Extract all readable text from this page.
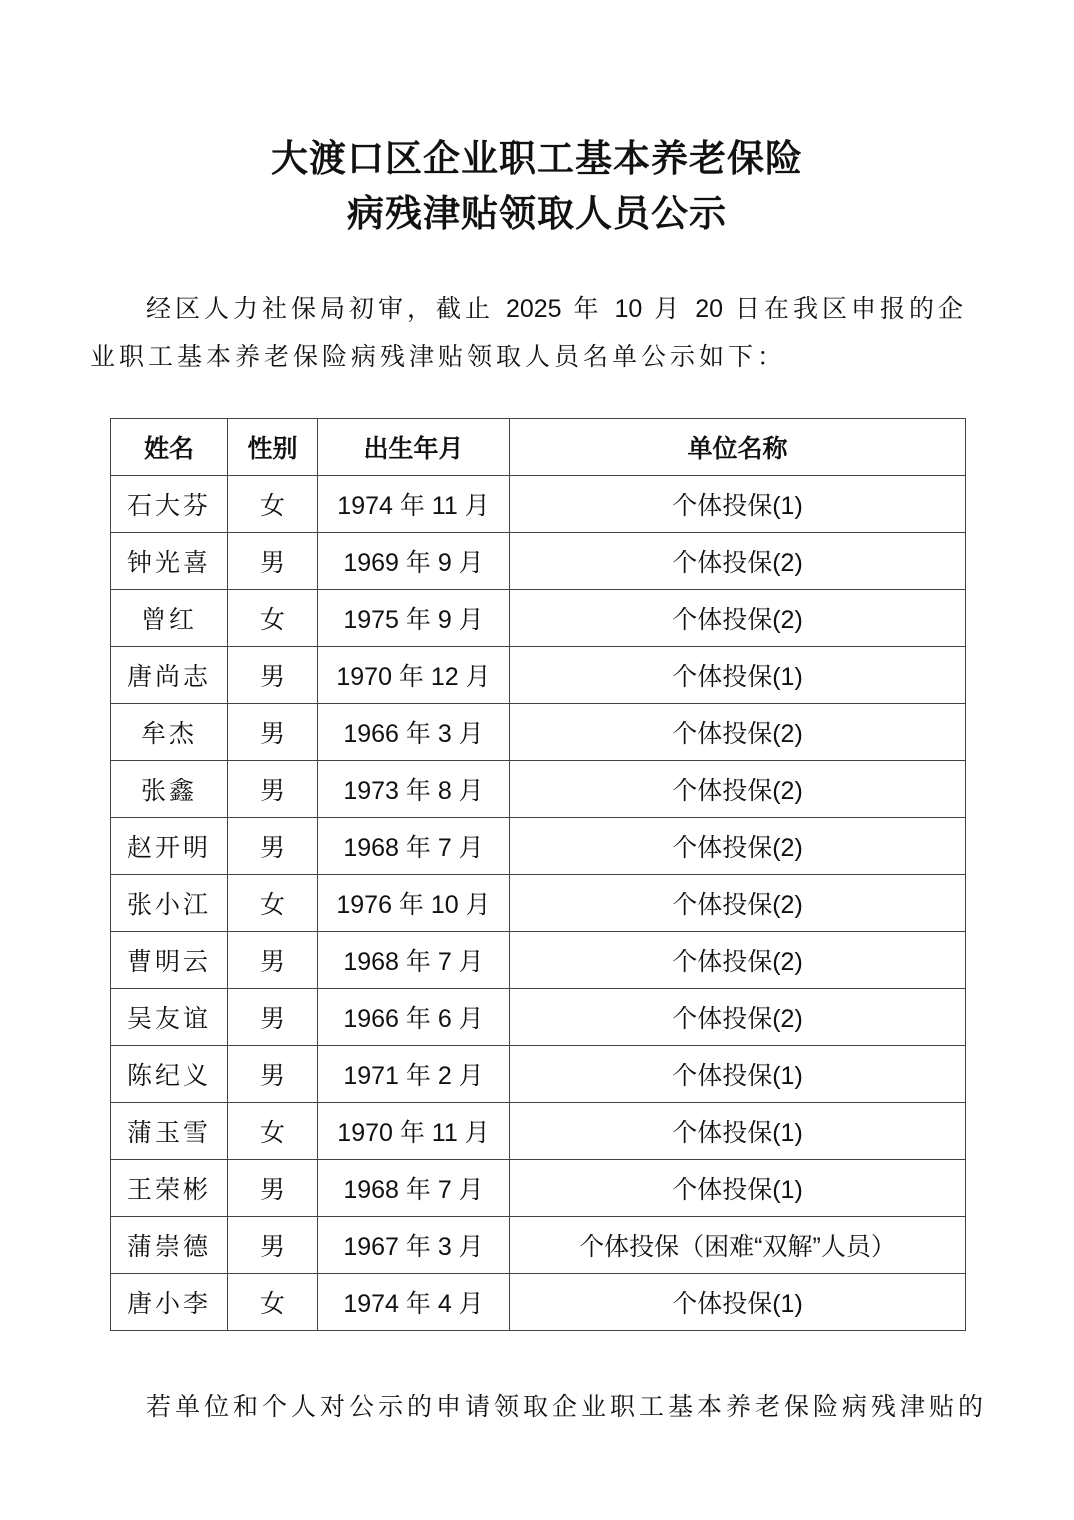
大渡口区企业职工基本养老保险
病残津贴领取人员公示
经区人力社保局初审，截止 2025 年 10 月 20 日在我区申报的企业职工基本养老保险病残津贴领取人员名单公示如下：
姓名	性别	出生年月	单位名称
石大芬	女	1974 年 11 月	个体投保(1)
钟光喜	男	1969 年 9 月	个体投保(2)
曾红	女	1975 年 9 月	个体投保(2)
唐尚志	男	1970 年 12 月	个体投保(1)
牟杰	男	1966 年 3 月	个体投保(2)
张鑫	男	1973 年 8 月	个体投保(2)
赵开明	男	1968 年 7 月	个体投保(2)
张小江	女	1976 年 10 月	个体投保(2)
曹明云	男	1968 年 7 月	个体投保(2)
吴友谊	男	1966 年 6 月	个体投保(2)
陈纪义	男	1971 年 2 月	个体投保(1)
蒲玉雪	女	1970 年 11 月	个体投保(1)
王荣彬	男	1968 年 7 月	个体投保(1)
蒲崇德	男	1967 年 3 月	个体投保（困难“双解”人员）
唐小李	女	1974 年 4 月	个体投保(1)
若单位和个人对公示的申请领取企业职工基本养老保险病残津贴的
